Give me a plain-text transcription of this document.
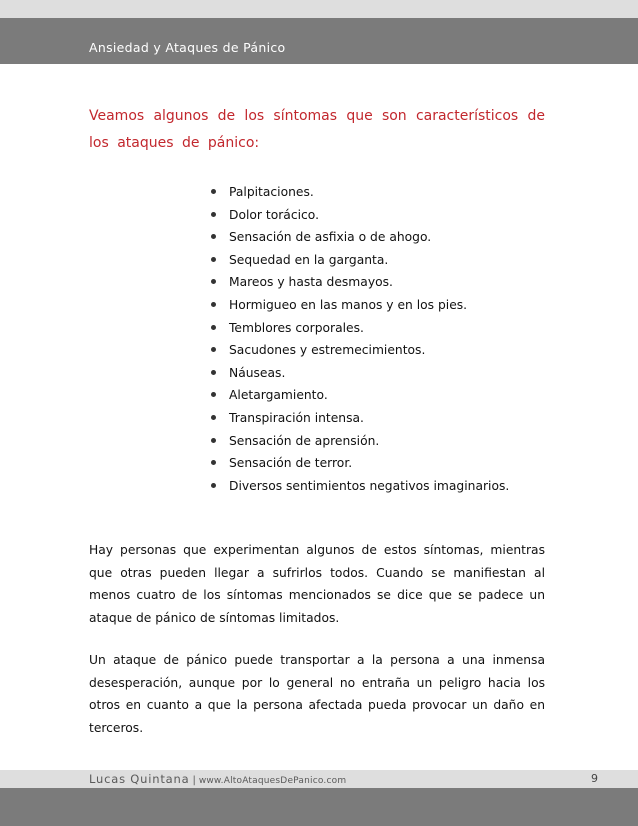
Ansiedad y Ataques de Pánico
Veamos algunos de los síntomas que son característicos de los ataques de pánico:
Palpitaciones.
Dolor torácico.
Sensación de asfixia o de ahogo.
Sequedad en la garganta.
Mareos y hasta desmayos.
Hormigueo en las manos y en los pies.
Temblores corporales.
Sacudones y estremecimientos.
Náuseas.
Aletargamiento.
Transpiración intensa.
Sensación de aprensión.
Sensación de terror.
Diversos sentimientos negativos imaginarios.

Hay personas que experimentan algunos de estos síntomas, mientras que otras pueden llegar a sufrirlos todos. Cuando se manifiestan al menos cuatro de los síntomas mencionados se dice que se padece un ataque de pánico de síntomas limitados.

Un ataque de pánico puede transportar a la persona a una inmensa desesperación, aunque por lo general no entraña un peligro hacia los otros en cuanto a que la persona afectada pueda provocar un daño en terceros.

Lucas Quintana | www.AltoAtaquesDePanico.com	9
